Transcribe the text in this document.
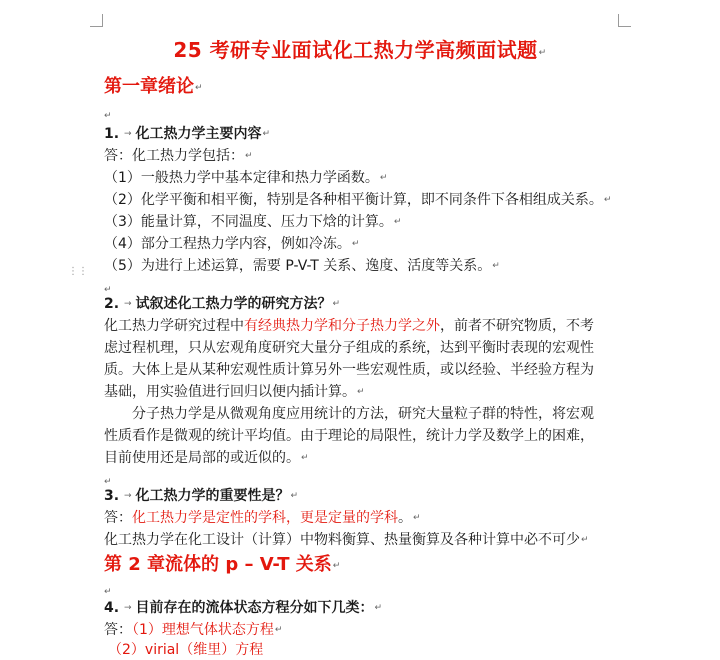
⋮⋮
25 考研专业面试化工热力学高频面试题↵
第一章绪论↵
↵
1. → 化工热力学主要内容↵
答：化工热力学包括：↵
（1）一般热力学中基本定律和热力学函数。↵
（2）化学平衡和相平衡，特别是各种相平衡计算，即不同条件下各相组成关系。↵
（3）能量计算，不同温度、压力下焓的计算。↵
（4）部分工程热力学内容，例如冷冻。↵
（5）为进行上述运算，需要 P-V-T 关系、逸度、活度等关系。↵
↵
2. → 试叙述化工热力学的研究方法？↵
化工热力学研究过程中有经典热力学和分子热力学之外，前者不研究物质，不考
虑过程机理，只从宏观角度研究大量分子组成的系统，达到平衡时表现的宏观性
质。大体上是从某种宏观性质计算另外一些宏观性质，或以经验、半经验方程为
基础，用实验值进行回归以便内插计算。↵
分子热力学是从微观角度应用统计的方法，研究大量粒子群的特性，将宏观
性质看作是微观的统计平均值。由于理论的局限性，统计力学及数学上的困难，
目前使用还是局部的或近似的。↵
↵
3. → 化工热力学的重要性是？↵
答：化工热力学是定性的学科，更是定量的学科。↵
化工热力学在化工设计（计算）中物料衡算、热量衡算及各种计算中必不可少↵
第 2 章流体的 p – V-T 关系↵
↵
4. → 目前存在的流体状态方程分如下几类：↵
答：（1）理想气体状态方程↵
（2）virial（维里）方程
